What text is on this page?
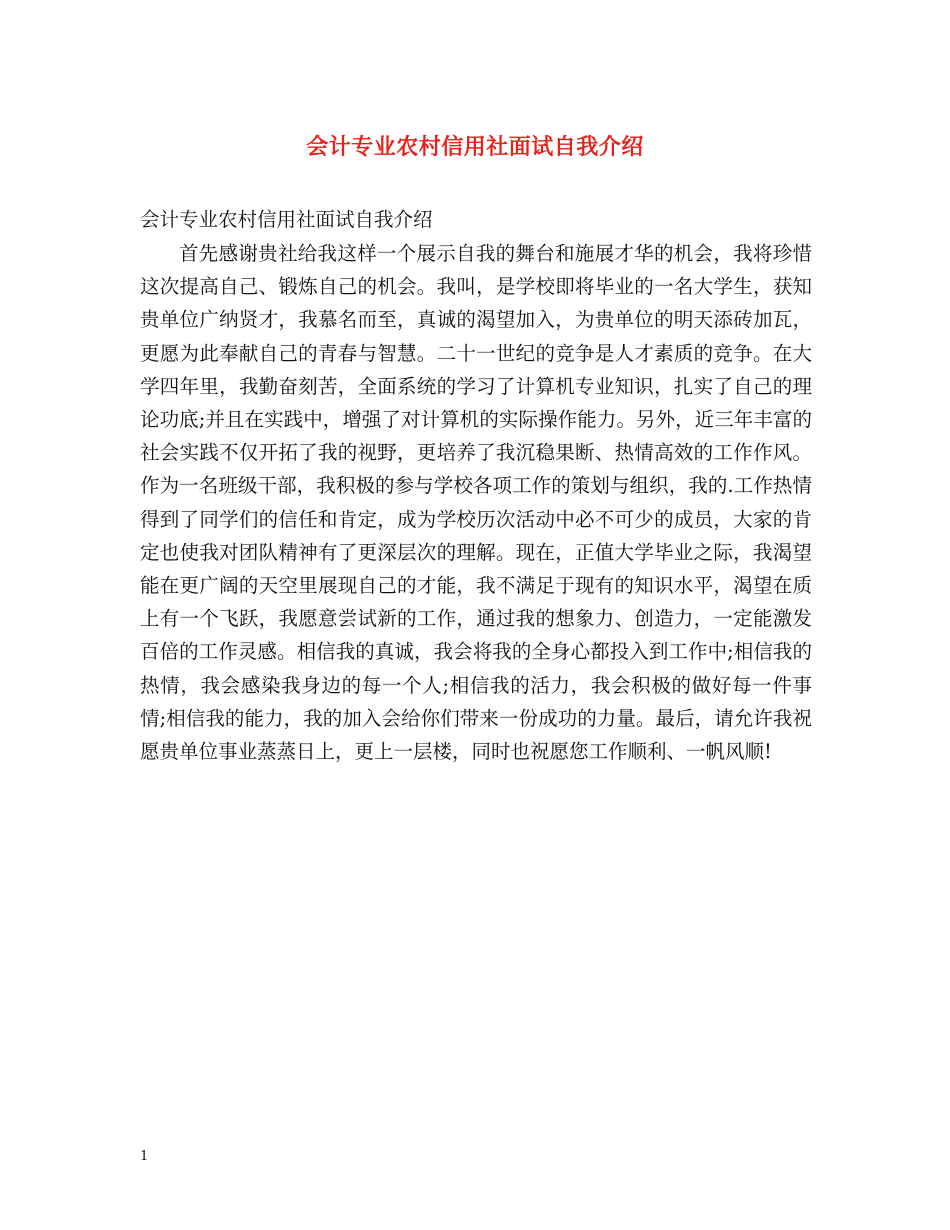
会计专业农村信用社面试自我介绍
会计专业农村信用社面试自我介绍

首先感谢贵社给我这样一个展示自我的舞台和施展才华的机会，我将珍惜这次提高自己、锻炼自己的机会。我叫，是学校即将毕业的一名大学生，获知贵单位广纳贤才，我慕名而至，真诚的渴望加入，为贵单位的明天添砖加瓦，更愿为此奉献自己的青春与智慧。二十一世纪的竞争是人才素质的竞争。在大学四年里，我勤奋刻苦，全面系统的学习了计算机专业知识，扎实了自己的理论功底;并且在实践中，增强了对计算机的实际操作能力。另外，近三年丰富的社会实践不仅开拓了我的视野，更培养了我沉稳果断、热情高效的工作作风。作为一名班级干部，我积极的参与学校各项工作的策划与组织，我的.工作热情得到了同学们的信任和肯定，成为学校历次活动中必不可少的成员，大家的肯定也使我对团队精神有了更深层次的理解。现在，正值大学毕业之际，我渴望能在更广阔的天空里展现自己的才能，我不满足于现有的知识水平，渴望在质上有一个飞跃，我愿意尝试新的工作，通过我的想象力、创造力，一定能激发百倍的工作灵感。相信我的真诚，我会将我的全身心都投入到工作中;相信我的热情，我会感染我身边的每一个人;相信我的活力，我会积极的做好每一件事情;相信我的能力，我的加入会给你们带来一份成功的力量。最后，请允许我祝愿贵单位事业蒸蒸日上，更上一层楼，同时也祝愿您工作顺利、一帆风顺!

1
